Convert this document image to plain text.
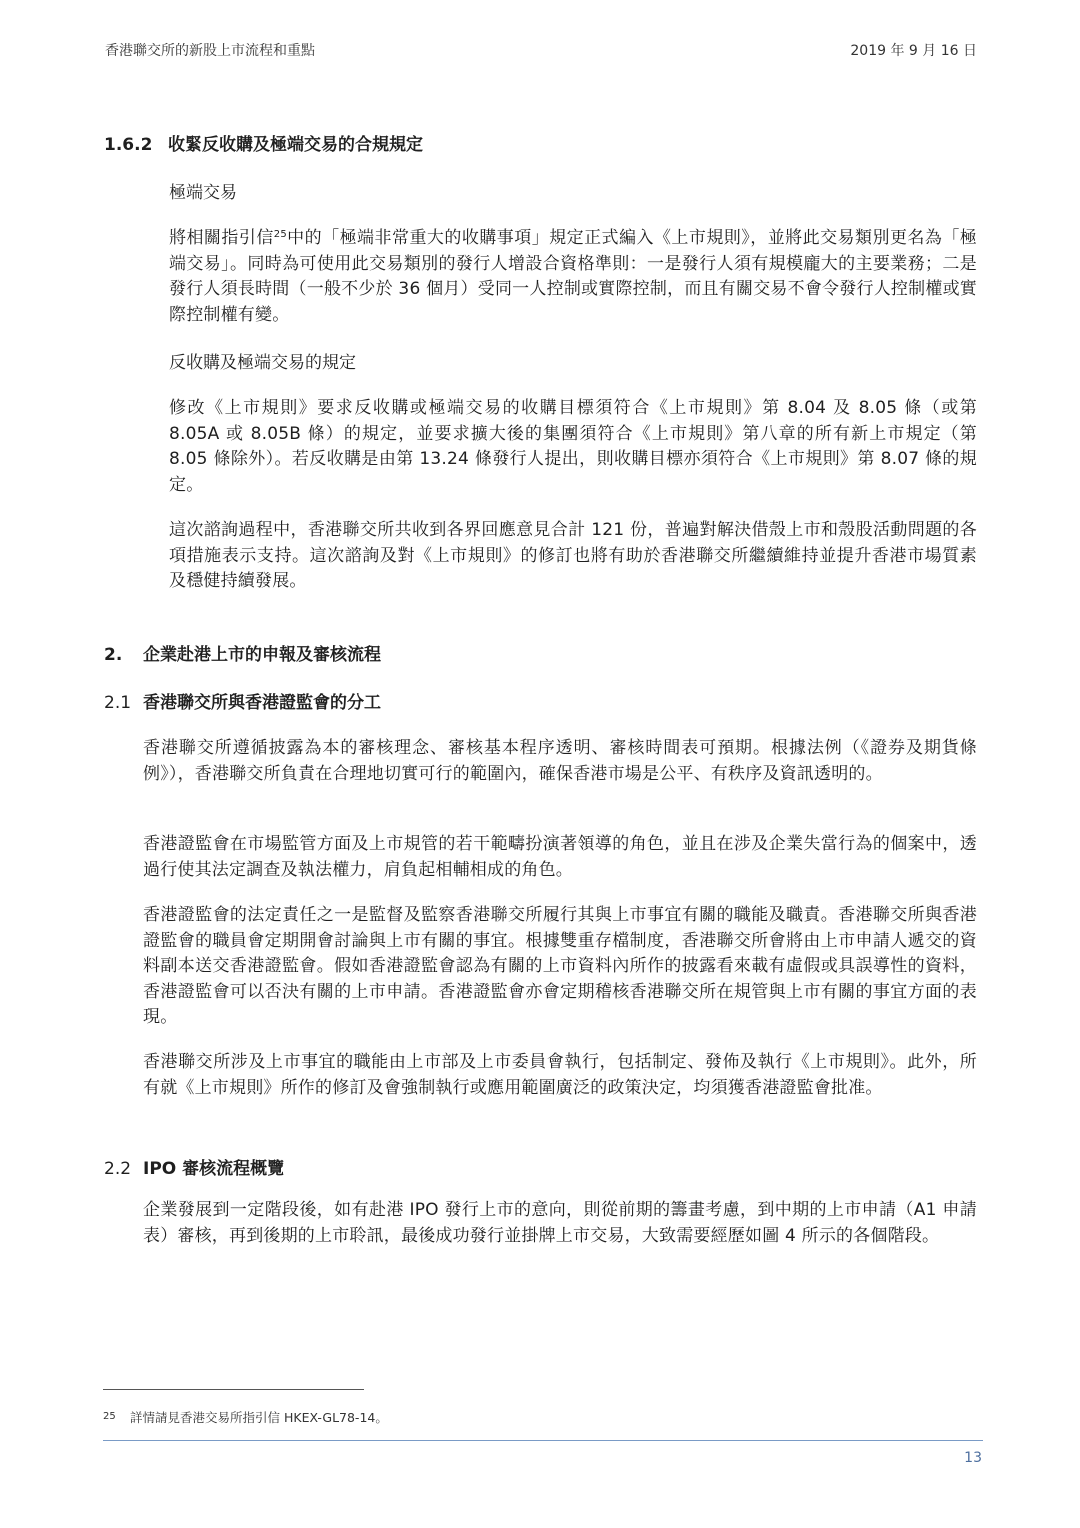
香港聯交所的新股上市流程和重點	2019 年 9 月 16 日
1.6.2 收緊反收購及極端交易的合規規定
極端交易

將相關指引信$^{25}$中的「極端非常重大的收購事項」規定正式編入《上市規則》，並將此交易類別更名為「極端交易」。同時為可使用此交易類別的發行人增設合資格準則：一是發行人須有規模龐大的主要業務；二是發行人須長時間（一般不少於 36 個月）受同一人控制或實際控制，而且有關交易不會令發行人控制權或實際控制權有變。

反收購及極端交易的規定

修改《上市規則》要求反收購或極端交易的收購目標須符合《上市規則》第 8.04 及 8.05 條（或第 8.05A 或 8.05B 條）的規定，並要求擴大後的集團須符合《上市規則》第八章的所有新上市規定（第 8.05 條除外）。若反收購是由第 13.24 條發行人提出，則收購目標亦須符合《上市規則》第 8.07 條的規定。

這次諮詢過程中，香港聯交所共收到各界回應意見合計 121 份，普遍對解決借殼上市和殼股活動問題的各項措施表示支持。這次諮詢及對《上市規則》的修訂也將有助於香港聯交所繼續維持並提升香港市場質素及穩健持續發展。

2. 企業赴港上市的申報及審核流程
2.1 香港聯交所與香港證監會的分工

香港聯交所遵循披露為本的審核理念、審核基本程序透明、審核時間表可預期。根據法例（《證券及期貨條例》），香港聯交所負責在合理地切實可行的範圍內，確保香港市場是公平、有秩序及資訊透明的。

香港證監會在市場監管方面及上市規管的若干範疇扮演著領導的角色，並且在涉及企業失當行為的個案中，透過行使其法定調查及執法權力，肩負起相輔相成的角色。

香港證監會的法定責任之一是監督及監察香港聯交所履行其與上市事宜有關的職能及職責。香港聯交所與香港證監會的職員會定期開會討論與上市有關的事宜。根據雙重存檔制度，香港聯交所會將由上市申請人遞交的資料副本送交香港證監會。假如香港證監會認為有關的上市資料內所作的披露看來載有虛假或具誤導性的資料，香港證監會可以否決有關的上市申請。香港證監會亦會定期稽核香港聯交所在規管與上市有關的事宜方面的表現。

香港聯交所涉及上市事宜的職能由上市部及上市委員會執行，包括制定、發佈及執行《上市規則》。此外，所有就《上市規則》所作的修訂及會強制執行或應用範圍廣泛的政策決定，均須獲香港證監會批准。

2.2 IPO 審核流程概覽

企業發展到一定階段後，如有赴港 IPO 發行上市的意向，則從前期的籌畫考慮，到中期的上市申請（A1 申請表）審核，再到後期的上市聆訊，最後成功發行並掛牌上市交易，大致需要經歷如圖 4 所示的各個階段。

25 詳情請見香港交易所指引信 HKEX-GL78-14。
13
